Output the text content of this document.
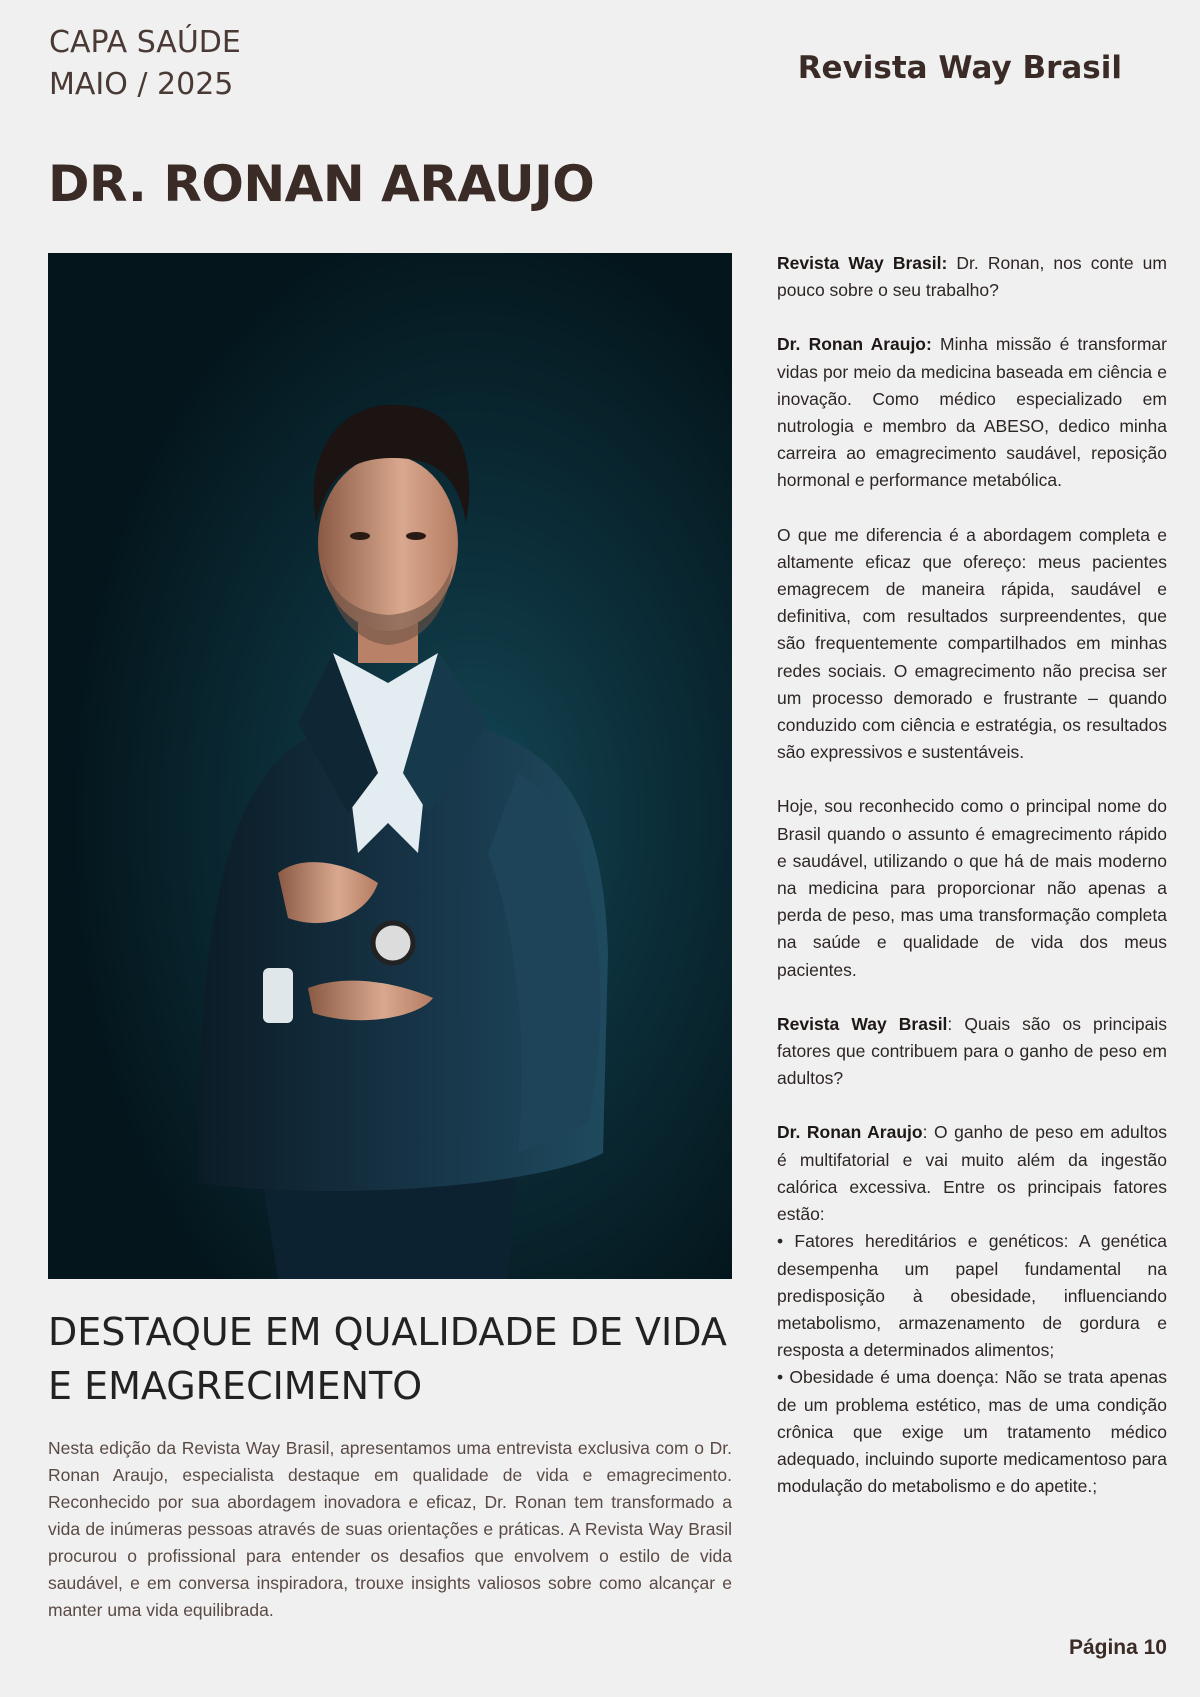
CAPA SAÚDE
MAIO / 2025	Revista Way Brasil
DR. RONAN ARAUJO
DESTAQUE EM QUALIDADE DE VIDA E EMAGRECIMENTO

Nesta edição da Revista Way Brasil, apresentamos uma entrevista exclusiva com o Dr. Ronan Araujo, especialista destaque em qualidade de vida e emagrecimento. Reconhecido por sua abordagem inovadora e eficaz, Dr. Ronan tem transformado a vida de inúmeras pessoas através de suas orientações e práticas. A Revista Way Brasil procurou o profissional para entender os desafios que envolvem o estilo de vida saudável, e em conversa inspiradora, trouxe insights valiosos sobre como alcançar e manter uma vida equilibrada.

Revista Way Brasil: Dr. Ronan, nos conte um pouco sobre o seu trabalho?

Dr. Ronan Araujo: Minha missão é transformar vidas por meio da medicina baseada em ciência e inovação. Como médico especializado em nutrologia e membro da ABESO, dedico minha carreira ao emagrecimento saudável, reposição hormonal e performance metabólica.

O que me diferencia é a abordagem completa e altamente eficaz que ofereço: meus pacientes emagrecem de maneira rápida, saudável e definitiva, com resultados surpreendentes, que são frequentemente compartilhados em minhas redes sociais. O emagrecimento não precisa ser um processo demorado e frustrante – quando conduzido com ciência e estratégia, os resultados são expressivos e sustentáveis.

Hoje, sou reconhecido como o principal nome do Brasil quando o assunto é emagrecimento rápido e saudável, utilizando o que há de mais moderno na medicina para proporcionar não apenas a perda de peso, mas uma transformação completa na saúde e qualidade de vida dos meus pacientes.

Revista Way Brasil: Quais são os principais fatores que contribuem para o ganho de peso em adultos?

Dr. Ronan Araujo: O ganho de peso em adultos é multifatorial e vai muito além da ingestão calórica excessiva. Entre os principais fatores estão:

• Fatores hereditários e genéticos: A genética desempenha um papel fundamental na predisposição à obesidade, influenciando metabolismo, armazenamento de gordura e resposta a determinados alimentos;

• Obesidade é uma doença: Não se trata apenas de um problema estético, mas de uma condição crônica que exige um tratamento médico adequado, incluindo suporte medicamentoso para modulação do metabolismo e do apetite.;

Página 10
